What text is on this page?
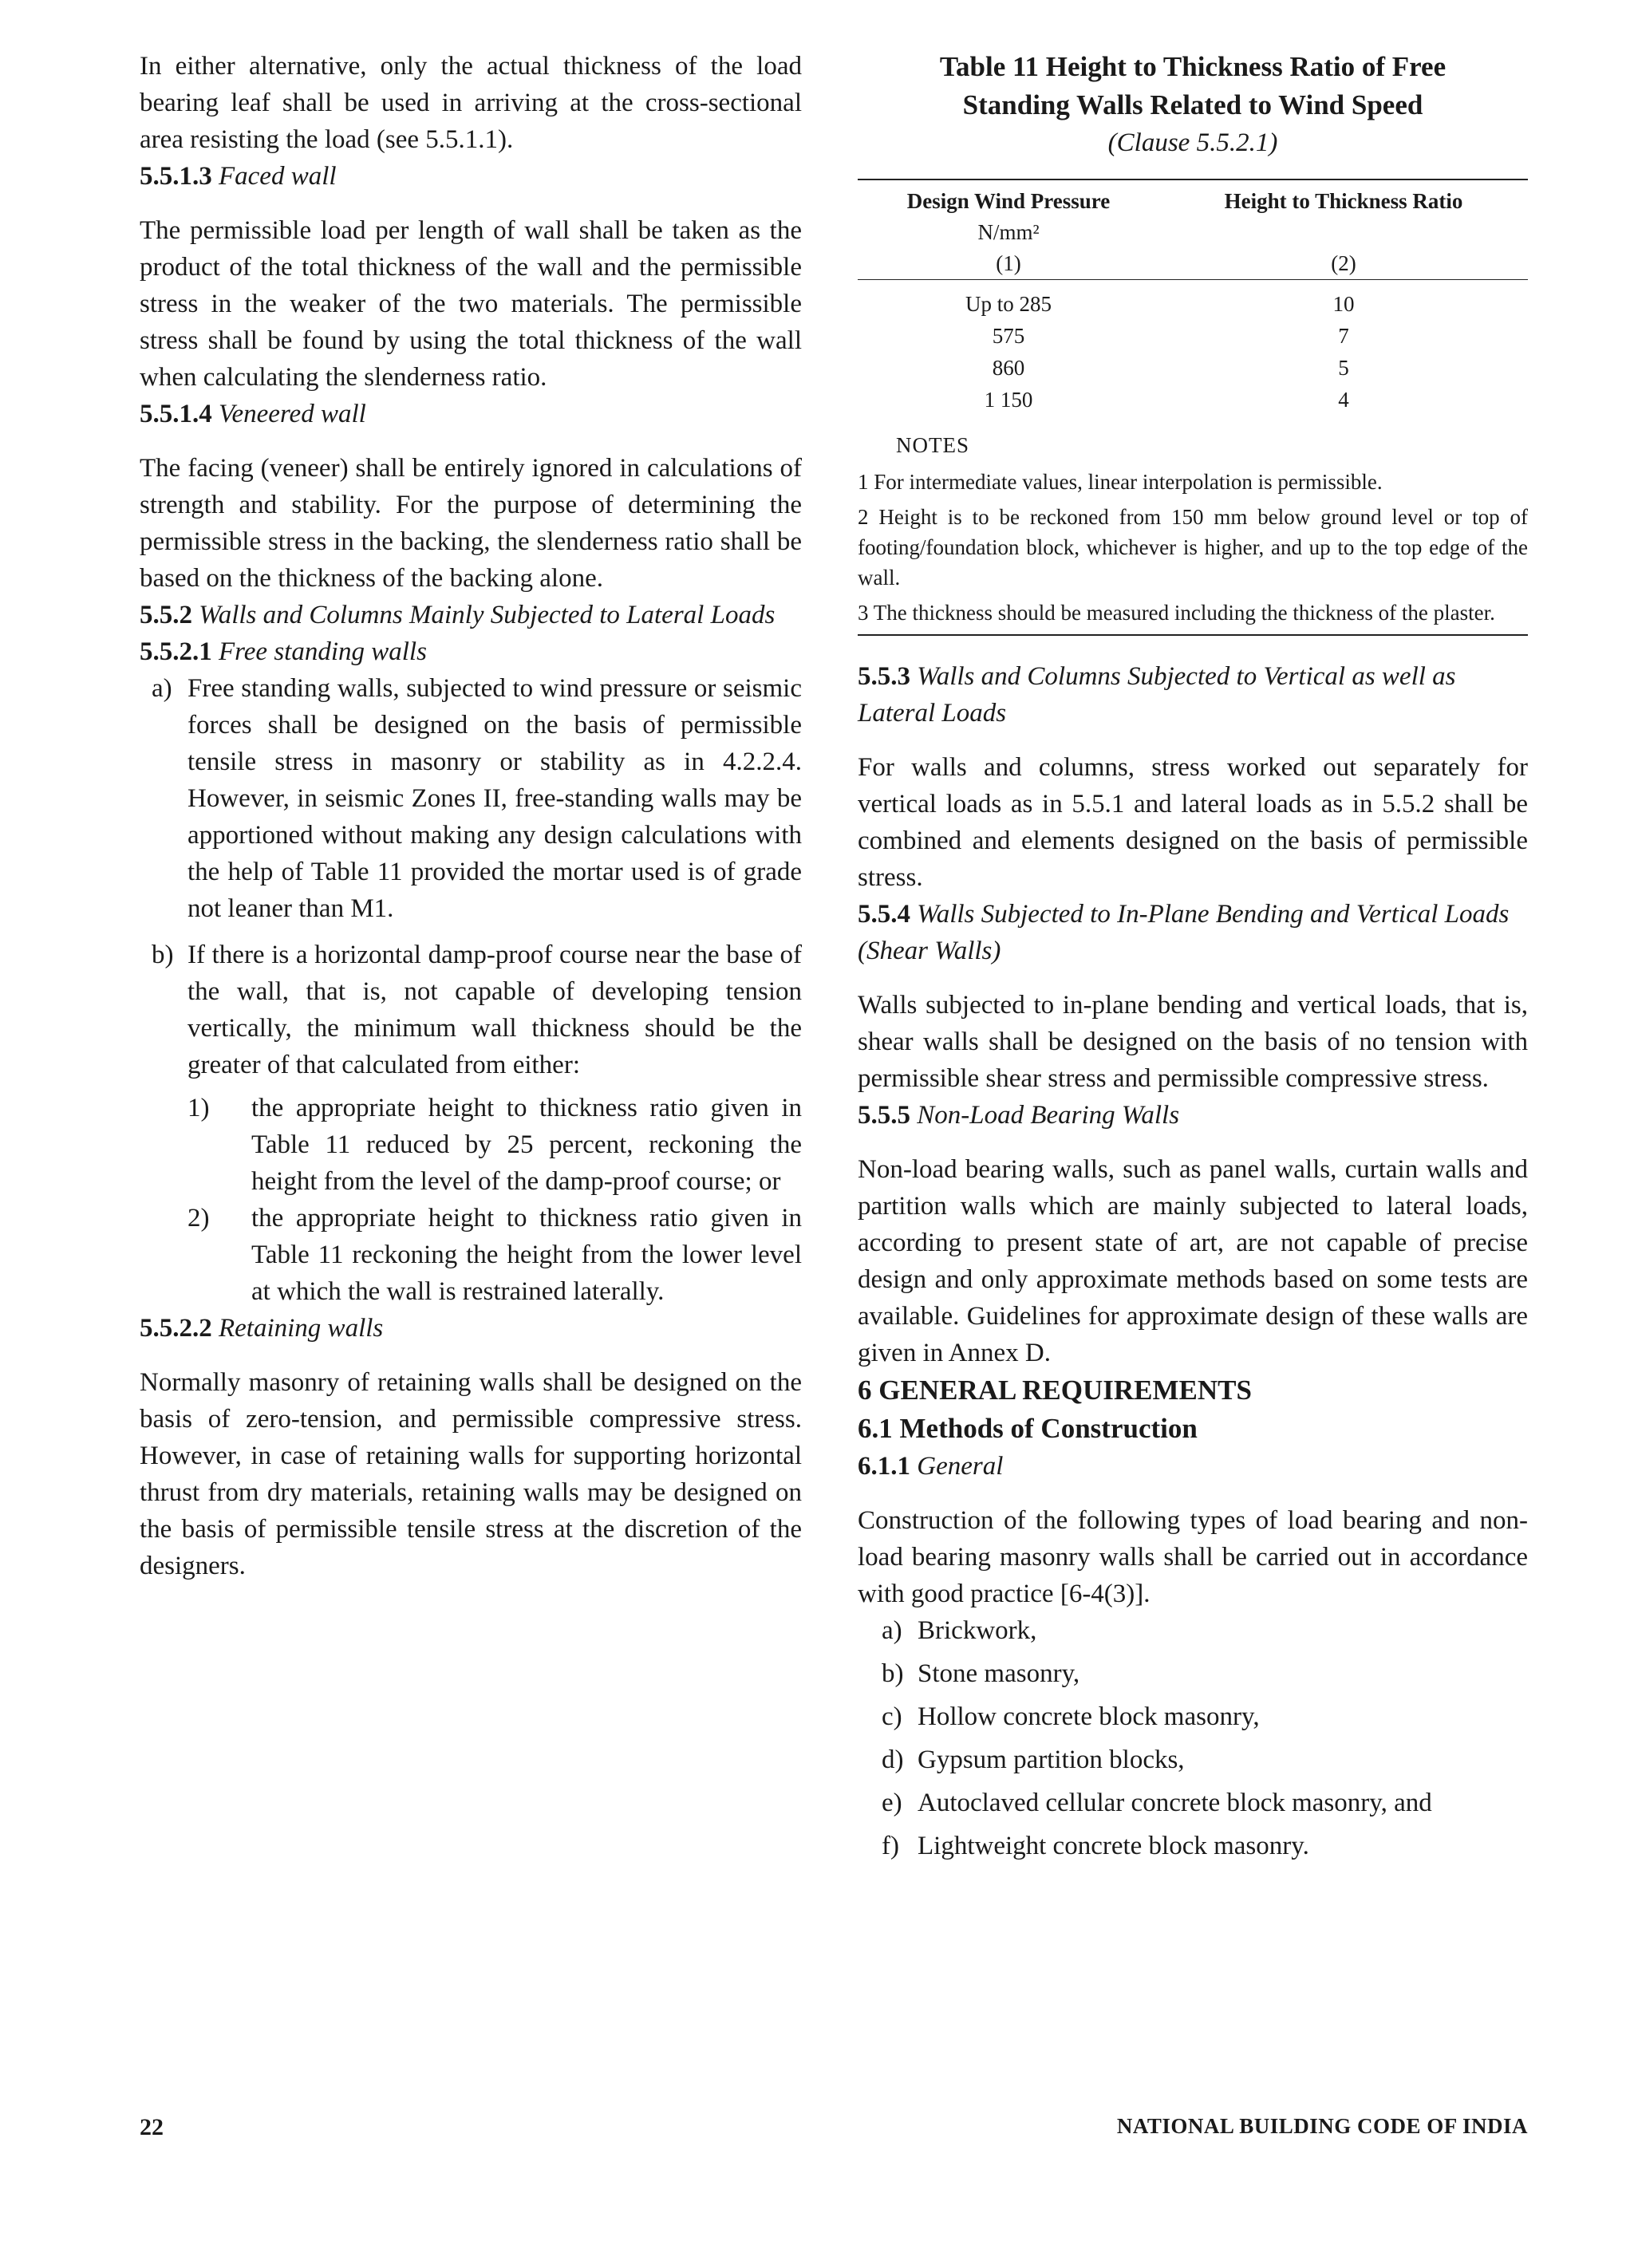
In either alternative, only the actual thickness of the load bearing leaf shall be used in arriving at the cross-sectional area resisting the load (see 5.5.1.1).

5.5.1.3 Faced wall

The permissible load per length of wall shall be taken as the product of the total thickness of the wall and the permissible stress in the weaker of the two materials. The permissible stress shall be found by using the total thickness of the wall when calculating the slenderness ratio.

5.5.1.4 Veneered wall

The facing (veneer) shall be entirely ignored in calculations of strength and stability. For the purpose of determining the permissible stress in the backing, the slenderness ratio shall be based on the thickness of the backing alone.

5.5.2 Walls and Columns Mainly Subjected to Lateral Loads

5.5.2.1 Free standing walls

a) Free standing walls, subjected to wind pressure or seismic forces shall be designed on the basis of permissible tensile stress in masonry or stability as in 4.2.2.4. However, in seismic Zones II, free-standing walls may be apportioned without making any design calculations with the help of Table 11 provided the mortar used is of grade not leaner than M1.
b) If there is a horizontal damp-proof course near the base of the wall, that is, not capable of developing tension vertically, the minimum wall thickness should be the greater of that calculated from either:
1)	the appropriate height to thickness ratio given in Table 11 reduced by 25 percent, reckoning the height from the level of the damp-proof course; or
2)	the appropriate height to thickness ratio given in Table 11 reckoning the height from the lower level at which the wall is restrained laterally.

5.5.2.2 Retaining walls

Normally masonry of retaining walls shall be designed on the basis of zero-tension, and permissible compressive stress. However, in case of retaining walls for supporting horizontal thrust from dry materials, retaining walls may be designed on the basis of permissible tensile stress at the discretion of the designers.

Table 11 Height to Thickness Ratio of Free

Standing Walls Related to Wind Speed

(Clause 5.5.2.1)

Design Wind Pressure	Height to Thickness Ratio
N/mm²	
(1)	(2)

Up to 285	10
575	7
860	5
1 150	4
NOTES
1 For intermediate values, linear interpolation is permissible.
2 Height is to be reckoned from 150 mm below ground level or top of footing/foundation block, whichever is higher, and up to the top edge of the wall.
3 The thickness should be measured including the thickness of the plaster.

5.5.3 Walls and Columns Subjected to Vertical as well as Lateral Loads

For walls and columns, stress worked out separately for vertical loads as in 5.5.1 and lateral loads as in 5.5.2 shall be combined and elements designed on the basis of permissible stress.

5.5.4 Walls Subjected to In-Plane Bending and Vertical Loads (Shear Walls)

Walls subjected to in-plane bending and vertical loads, that is, shear walls shall be designed on the basis of no tension with permissible shear stress and permissible compressive stress.

5.5.5 Non-Load Bearing Walls

Non-load bearing walls, such as panel walls, curtain walls and partition walls which are mainly subjected to lateral loads, according to present state of art, are not capable of precise design and only approximate methods based on some tests are available. Guidelines for approximate design of these walls are given in Annex D.

6 GENERAL REQUIREMENTS

6.1 Methods of Construction

6.1.1 General

Construction of the following types of load bearing and non-load bearing masonry walls shall be carried out in accordance with good practice [6-4(3)].

a) Brickwork,
b) Stone masonry,
c) Hollow concrete block masonry,
d) Gypsum partition blocks,
e) Autoclaved cellular concrete block masonry, and
f) Lightweight concrete block masonry.
22	NATIONAL BUILDING CODE OF INDIA
